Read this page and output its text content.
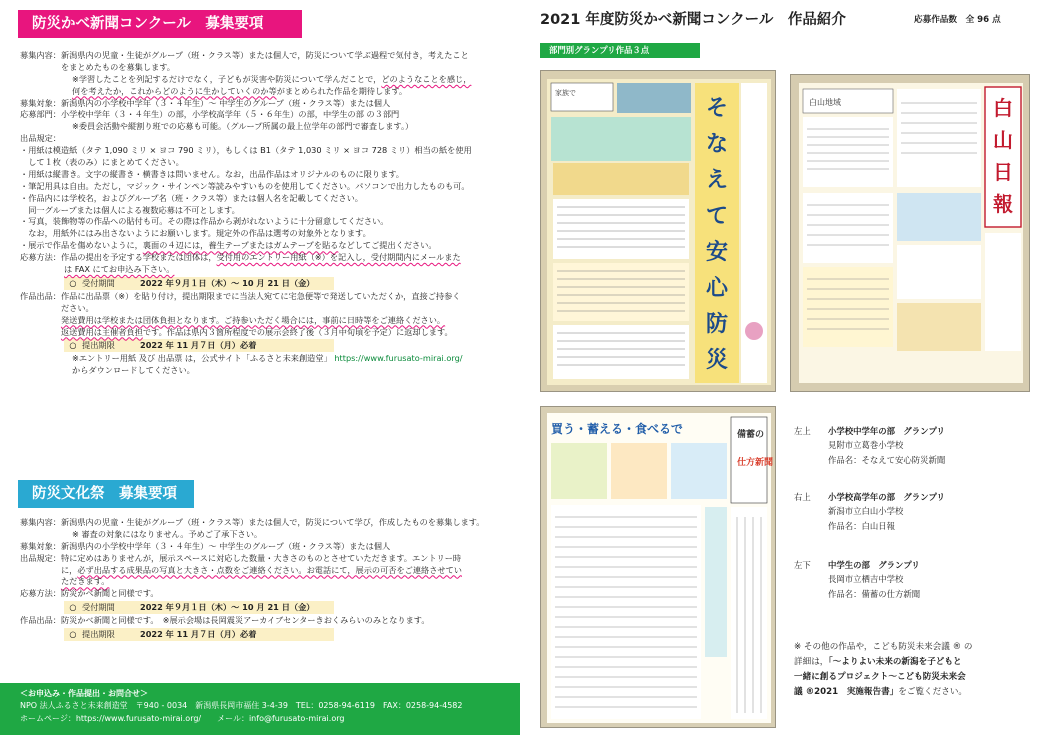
防災かべ新聞コンクール　募集要項
募集内容： 新潟県内の児童・生徒がグループ（班・クラス等）または個人で，防災について学ぶ過程で気付き，考えたこと
をまとめたものを募集します。
※学習したことを列記するだけでなく，子どもが災害や防災について学んだことで，どのようなことを感じ，
何を考えたか，これからどのように生かしていくのか等がまとめられた作品を期待します。
募集対象： 新潟県内の小学校中学年（３・４年生）～ 中学生のグループ（班・クラス等）または個人
応募部門： 小学校中学年（３・４年生）の部，小学校高学年（５・６年生）の部，中学生の部 の３部門
※委員会活動や縦割り班での応募も可能。（グループ所属の最上位学年の部門で審査します。）
出品規定：
・用紙は模造紙（タテ 1,090 ミリ × ヨコ 790 ミリ），もしくは B1（タテ 1,030 ミリ × ヨコ 728 ミリ）相当の紙を使用
　して１枚（表のみ）にまとめてください。
・用紙は縦書き。文字の縦書き・横書きは問いません。なお，出品作品はオリジナルのものに限ります。
・筆記用具は自由。ただし，マジック・サインペン等読みやすいものを使用してください。パソコンで出力したものも可。
・作品内には学校名，およびグループ名（班・クラス等）または個人名を記載してください。
　同一グループまたは個人による複数応募は不可とします。
・写真，装飾物等の作品への貼付も可。その際は作品から剥がれないように十分留意してください。
　なお，用紙外にはみ出さないようにお願いします。規定外の作品は選考の対象外となります。
・展示で作品を傷めないように，裏面の４辺には，養生テープまたはガムテープを貼るなどしてご提出ください。
応募方法： 作品の提出を予定する学校または団体は，受付用のエントリー用紙（※）を記入し，受付期間内にメールまた
は FAX にてお申込み下さい。
○ 受付期間	2022 年９月１日（木）～ 10 月 21 日（金）
作品出品： 作品に出品票（※）を貼り付け，提出期限までに当法人宛てに宅急便等で発送していただくか，直接ご持参く
ださい。
発送費用は学校または団体負担となります。ご持参いただく場合には，事前に日時等をご連絡ください。
返送費用は主催者負担です。作品は県内３箇所程度での展示会終了後（３月中旬頃を予定）に返却します。
○ 提出期限	2022 年 11 月７日（月）必着
※エントリー用紙 及び 出品票 は，公式サイト「ふるさと未来創造堂」 https://www.furusato-mirai.org/
からダウンロードしてください。
防災文化祭　募集要項
募集内容： 新潟県内の児童・生徒がグループ（班・クラス等）または個人で，防災について学び，作成したものを募集します。
※ 審査の対象にはなりません。予めご了承下さい。
募集対象： 新潟県内の小学校中学年（３・４年生）～ 中学生のグループ（班・クラス等）または個人
出品規定： 特に定めはありませんが，展示スペースに対応した数量・大きさのものとさせていただきます。エントリー時
に，必ず出品する成果品の写真と大きさ・点数をご連絡ください。お電話にて，展示の可否をご連絡させてい
ただきます。
応募方法： 防災かべ新聞と同様です。
○ 受付期間	2022 年９月１日（木）～ 10 月 21 日（金）
作品出品： 防災かべ新聞と同様です。　※展示会場は長岡震災アーカイブセンターきおくみらいのみとなります。
○ 提出期限	2022 年 11 月７日（月）必着
＜お申込み・作品提出・お問合せ＞
NPO 法人ふるさと未来創造堂　〒940 - 0034　新潟県長岡市福住 3-4-39　TEL：0258-94-6119　FAX：0258-94-4582
ホームページ：https://www.furusato-mirai.org/　　メール：info@furusato-mirai.org
2021 年度防災かべ新聞コンクール　作品紹介	応募作品数　全 96 点
部門別グランプリ作品３点
家族で
そ
な
え
て
安
心
防
災
白山地域	白
山
日
報
買う・蓄える・食べるで	備蓄の
仕方新聞
左上 小学校中学年の部　グランプリ
見附市立葛巻小学校
作品名：そなえて安心防災新聞
右上 小学校高学年の部　グランプリ
新潟市立白山小学校
作品名：白山日報
左下 中学生の部　グランプリ
長岡市立栖吉中学校
作品名：備蓄の仕方新聞
※ その他の作品や，こども防災未来会議 ® の
詳細は，「～よりよい未来の新潟を子どもと
一緒に創るプロジェクト～こども防災未来会
議 ®2021　実施報告書」をご覧ください。
